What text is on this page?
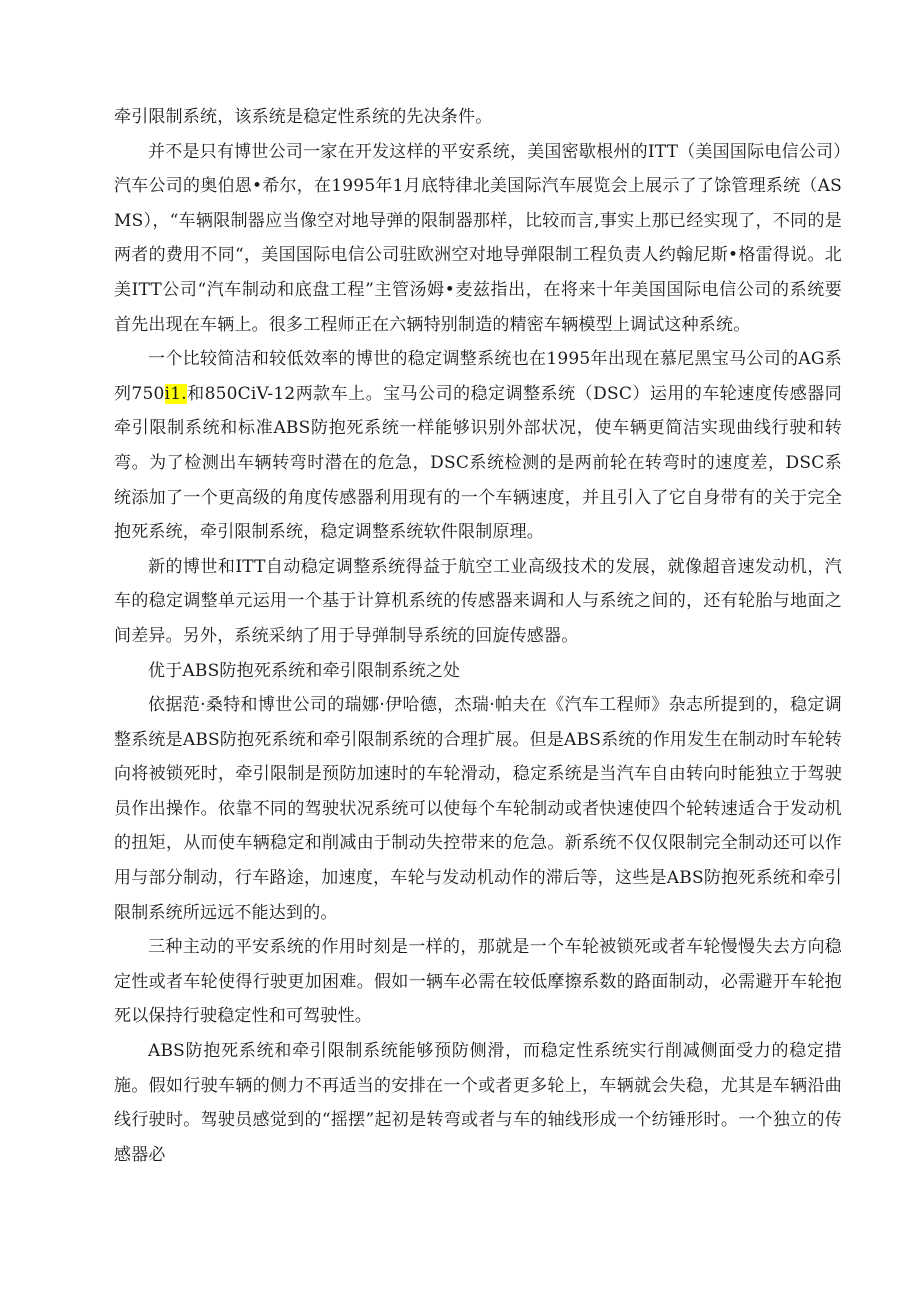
牵引限制系统，该系统是稳定性系统的先决条件。

并不是只有博世公司一家在开发这样的平安系统，美国密歇根州的ITT（美国国际电信公司）汽车公司的奥伯恩•希尔，在1995年1月底特律北美国际汽车展览会上展示了了馀管理系统（ASMS），“车辆限制器应当像空对地导弹的限制器那样，比较而言,事实上那已经实现了，不同的是两者的费用不同“，美国国际电信公司驻欧洲空对地导弹限制工程负责人约翰尼斯•格雷得说。北美ITT公司“汽车制动和底盘工程”主管汤姆•麦兹指出，在将来十年美国国际电信公司的系统要首先出现在车辆上。很多工程师正在六辆特别制造的精密车辆模型上调试这种系统。

一个比较简洁和较低效率的博世的稳定调整系统也在1995年出现在慕尼黑宝马公司的AG系列750i1.和850CiV-12两款车上。宝马公司的稳定调整系统（DSC）运用的车轮速度传感器同牵引限制系统和标准ABS防抱死系统一样能够识别外部状况，使车辆更简洁实现曲线行驶和转弯。为了检测出车辆转弯时潜在的危急，DSC系统检测的是两前轮在转弯时的速度差，DSC系统添加了一个更高级的角度传感器利用现有的一个车辆速度，并且引入了它自身带有的关于完全抱死系统，牵引限制系统，稳定调整系统软件限制原理。

新的博世和ITT自动稳定调整系统得益于航空工业高级技术的发展，就像超音速发动机，汽车的稳定调整单元运用一个基于计算机系统的传感器来调和人与系统之间的，还有轮胎与地面之间差异。另外，系统采纳了用于导弹制导系统的回旋传感器。

优于ABS防抱死系统和牵引限制系统之处

依据范·桑特和博世公司的瑞娜·伊哈德，杰瑞·帕夫在《汽车工程师》杂志所提到的，稳定调整系统是ABS防抱死系统和牵引限制系统的合理扩展。但是ABS系统的作用发生在制动时车轮转向将被锁死时，牵引限制是预防加速时的车轮滑动，稳定系统是当汽车自由转向时能独立于驾驶员作出操作。依靠不同的驾驶状况系统可以使每个车轮制动或者快速使四个轮转速适合于发动机的扭矩，从而使车辆稳定和削减由于制动失控带来的危急。新系统不仅仅限制完全制动还可以作用与部分制动，行车路途，加速度，车轮与发动机动作的滞后等，这些是ABS防抱死系统和牵引限制系统所远远不能达到的。

三种主动的平安系统的作用时刻是一样的，那就是一个车轮被锁死或者车轮慢慢失去方向稳定性或者车轮使得行驶更加困难。假如一辆车必需在较低摩擦系数的路面制动，必需避开车轮抱死以保持行驶稳定性和可驾驶性。

ABS防抱死系统和牵引限制系统能够预防侧滑，而稳定性系统实行削减侧面受力的稳定措施。假如行驶车辆的侧力不再适当的安排在一个或者更多轮上，车辆就会失稳，尤其是车辆沿曲线行驶时。驾驶员感觉到的“摇摆”起初是转弯或者与车的轴线形成一个纺锤形时。一个独立的传感器必
